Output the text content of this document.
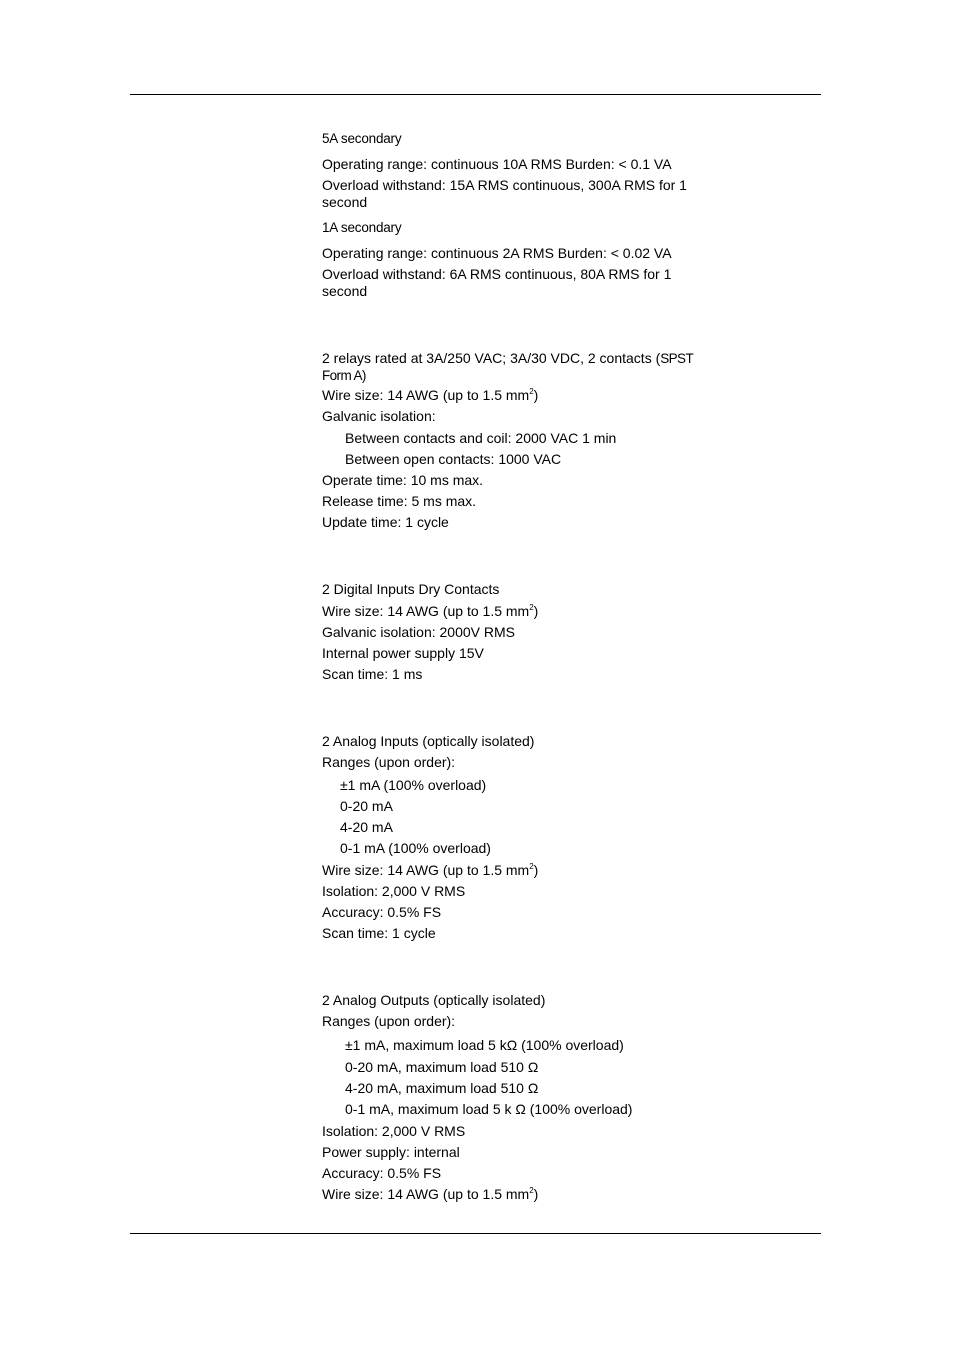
5A secondary
Operating range: continuous 10A RMS Burden: < 0.1 VA
Overload withstand: 15A RMS continuous, 300A RMS for 1 second
1A secondary
Operating range: continuous 2A RMS Burden: < 0.02 VA
Overload withstand: 6A RMS continuous, 80A RMS for 1 second
2 relays rated at 3A/250 VAC; 3A/30 VDC, 2 contacts (SPST Form A)
Wire size: 14 AWG (up to 1.5 $mm^2$)
Galvanic isolation:
Between contacts and coil: 2000 VAC 1 min
Between open contacts: 1000 VAC
Operate time: 10 ms max.
Release time: 5 ms max.
Update time: 1 cycle
2 Digital Inputs Dry Contacts
Wire size: 14 AWG (up to 1.5 $mm^2$)
Galvanic isolation: 2000V RMS
Internal power supply 15V
Scan time: 1 ms
2 Analog Inputs (optically isolated)
Ranges (upon order):
±1 mA (100% overload)
0-20 mA
4-20 mA
0-1 mA (100% overload)
Wire size: 14 AWG (up to 1.5 $mm^2$)
Isolation: 2,000 V RMS
Accuracy: 0.5% FS
Scan time: 1 cycle
2 Analog Outputs (optically isolated)
Ranges (upon order):
±1 mA, maximum load 5 kΩ (100% overload)
0-20 mA, maximum load 510 Ω
4-20 mA, maximum load 510 Ω
0-1 mA, maximum load 5 k Ω (100% overload)
Isolation: 2,000 V RMS
Power supply: internal
Accuracy: 0.5% FS
Wire size: 14 AWG (up to 1.5 $mm^2$)
